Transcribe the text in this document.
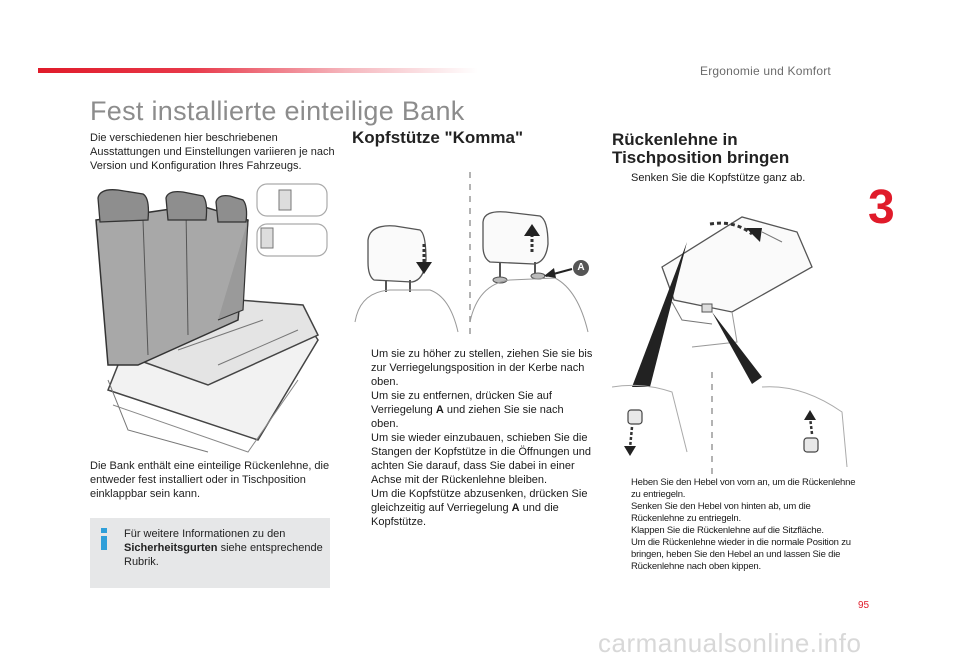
Ergonomie und Komfort
3
Fest installierte einteilige Bank
Die verschiedenen hier beschriebenen Ausstattungen und Einstellungen variieren je nach Version und Konfiguration Ihres Fahrzeugs.
Die Bank enthält eine einteilige Rückenlehne, die entweder fest installiert oder in Tischposition einklappbar sein kann.
Für weitere Informationen zu den Sicherheitsgurten siehe entsprechende Rubrik.
Kopfstütze "Komma"
A
Um sie zu höher zu stellen, ziehen Sie sie bis zur Verriegelungsposition in der Kerbe nach oben.
Um sie zu entfernen, drücken Sie auf Verriegelung A und ziehen Sie sie nach oben.
Um sie wieder einzubauen, schieben Sie die Stangen der Kopfstütze in die Öffnungen und achten Sie darauf, dass Sie dabei in einer Achse mit der Rückenlehne bleiben.
Um die Kopfstütze abzusenken, drücken Sie gleichzeitig auf Verriegelung A und die Kopfstütze.
Rückenlehne in
Tischposition bringen
Senken Sie die Kopfstütze ganz ab.
Heben Sie den Hebel von vorn an, um die Rückenlehne zu entriegeln.
Senken Sie den Hebel von hinten ab, um die Rückenlehne zu entriegeln.
Klappen Sie die Rückenlehne auf die Sitzfläche.
Um die Rückenlehne wieder in die normale Position zu bringen, heben Sie den Hebel an und lassen Sie die Rückenlehne nach oben kippen.
95
carmanualsonline.info
